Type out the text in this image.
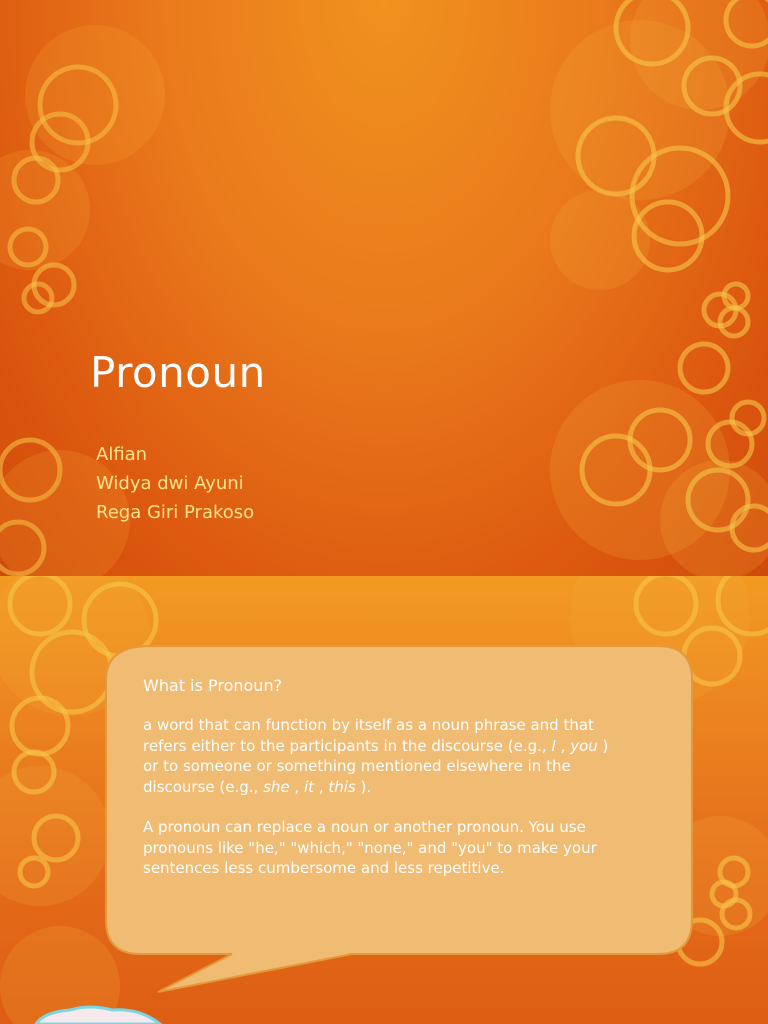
Pronoun
Alfian
Widya dwi Ayuni
Rega Giri Prakoso
What is Pronoun?

a word that can function by itself as a noun phrase and that refers either to the participants in the discourse (e.g., I , you ) or to someone or something mentioned elsewhere in the discourse (e.g., she , it , this ).

A pronoun can replace a noun or another pronoun. You use pronouns like "he," "which," "none," and "you" to make your sentences less cumbersome and less repetitive.
